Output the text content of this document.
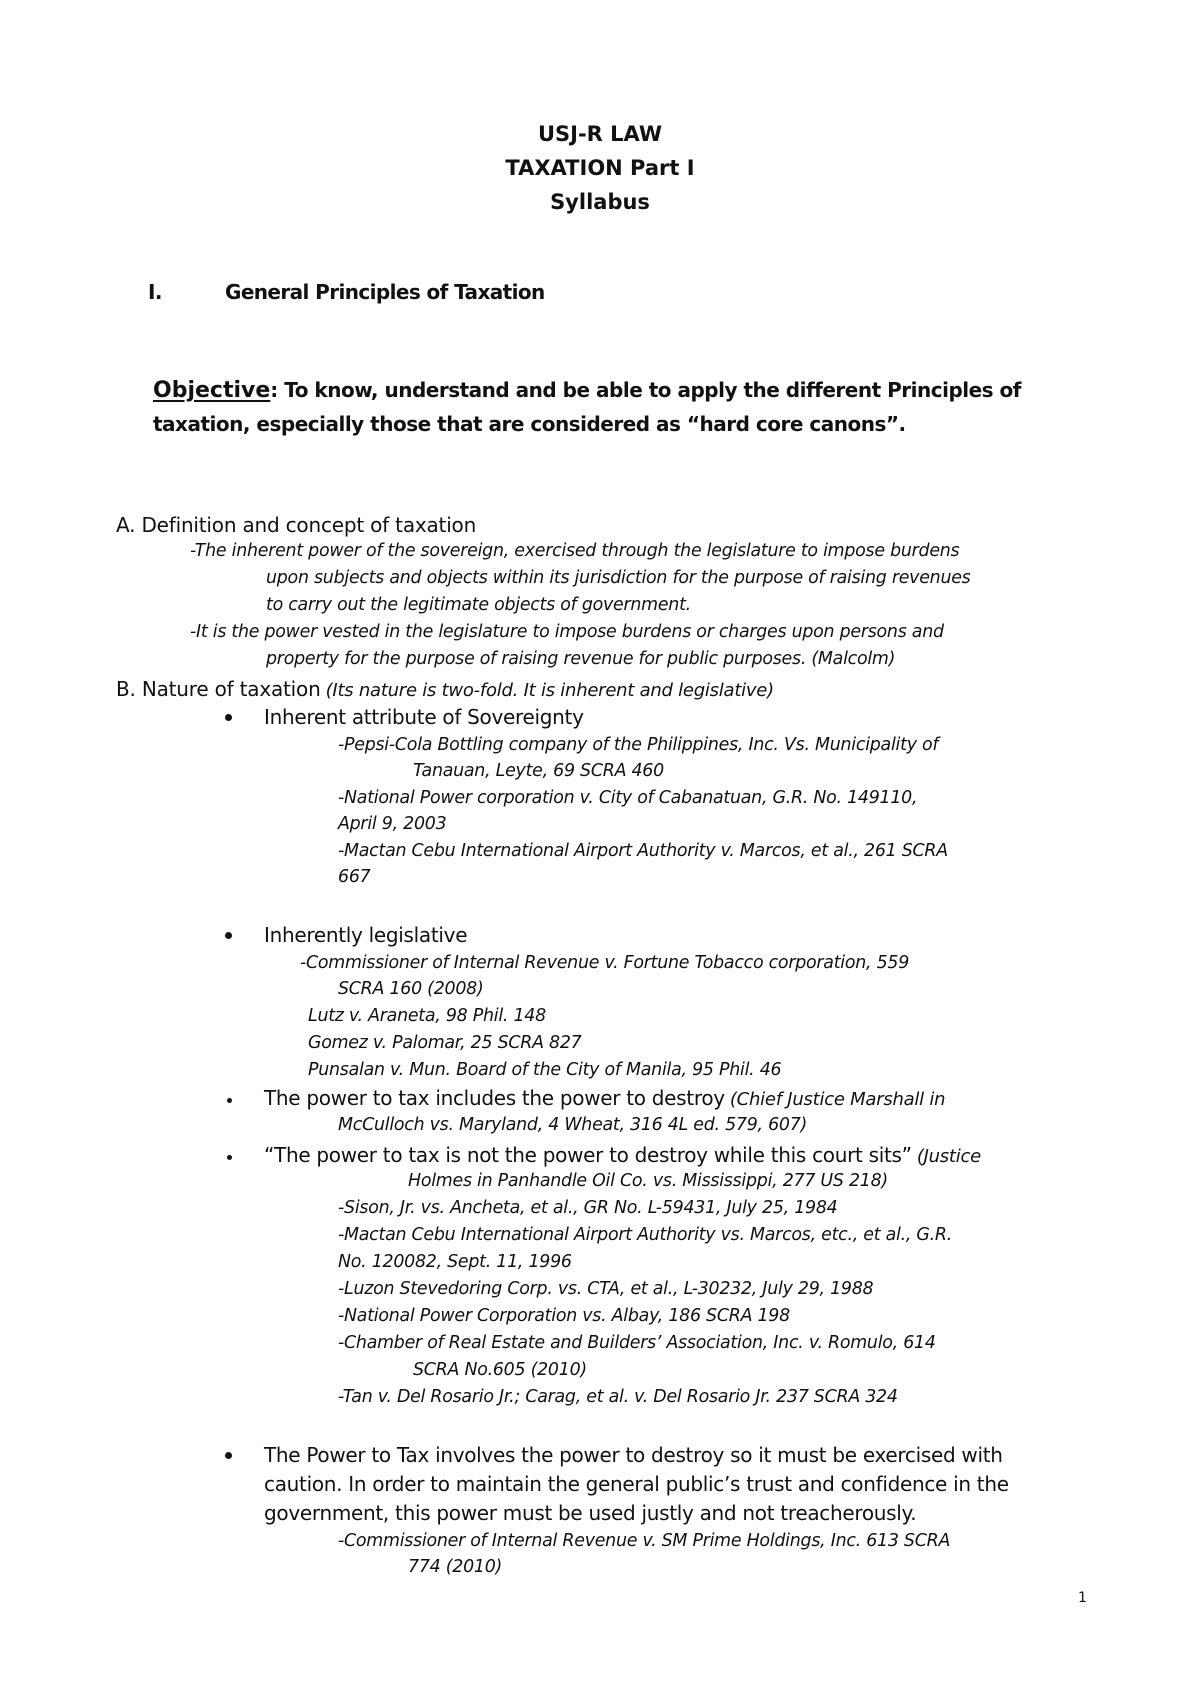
USJ-R LAW
TAXATION Part I
Syllabus
I.	General Principles of Taxation
Objective: To know, understand and be able to apply the different Principles of
taxation, especially those that are considered as “hard core canons”.
A. Definition and concept of taxation
-The inherent power of the sovereign, exercised through the legislature to impose burdens
upon subjects and objects within its jurisdiction for the purpose of raising revenues
to carry out the legitimate objects of government.
-It is the power vested in the legislature to impose burdens or charges upon persons and
property for the purpose of raising revenue for public purposes. (Malcolm)
B. Nature of taxation (Its nature is two-fold. It is inherent and legislative)
Inherent attribute of Sovereignty
-Pepsi-Cola Bottling company of the Philippines, Inc. Vs. Municipality of
Tanauan, Leyte, 69 SCRA 460
-National Power corporation v. City of Cabanatuan, G.R. No. 149110,
April 9, 2003
-Mactan Cebu International Airport Authority v. Marcos, et al., 261 SCRA
667
Inherently legislative
-Commissioner of Internal Revenue v. Fortune Tobacco corporation, 559
SCRA 160 (2008)
Lutz v. Araneta, 98 Phil. 148
Gomez v. Palomar, 25 SCRA 827
Punsalan v. Mun. Board of the City of Manila, 95 Phil. 46
The power to tax includes the power to destroy (Chief Justice Marshall in
McCulloch vs. Maryland, 4 Wheat, 316 4L ed. 579, 607)
“The power to tax is not the power to destroy while this court sits” (Justice
Holmes in Panhandle Oil Co. vs. Mississippi, 277 US 218)
-Sison, Jr. vs. Ancheta, et al., GR No. L-59431, July 25, 1984
-Mactan Cebu International Airport Authority vs. Marcos, etc., et al., G.R.
No. 120082, Sept. 11, 1996
-Luzon Stevedoring Corp. vs. CTA, et al., L-30232, July 29, 1988
-National Power Corporation vs. Albay, 186 SCRA 198
-Chamber of Real Estate and Builders’ Association, Inc. v. Romulo, 614
SCRA No.605 (2010)
-Tan v. Del Rosario Jr.; Carag, et al. v. Del Rosario Jr. 237 SCRA 324
The Power to Tax involves the power to destroy so it must be exercised with
caution. In order to maintain the general public’s trust and confidence in the
government, this power must be used justly and not treacherously.
-Commissioner of Internal Revenue v. SM Prime Holdings, Inc. 613 SCRA
774 (2010)
1
